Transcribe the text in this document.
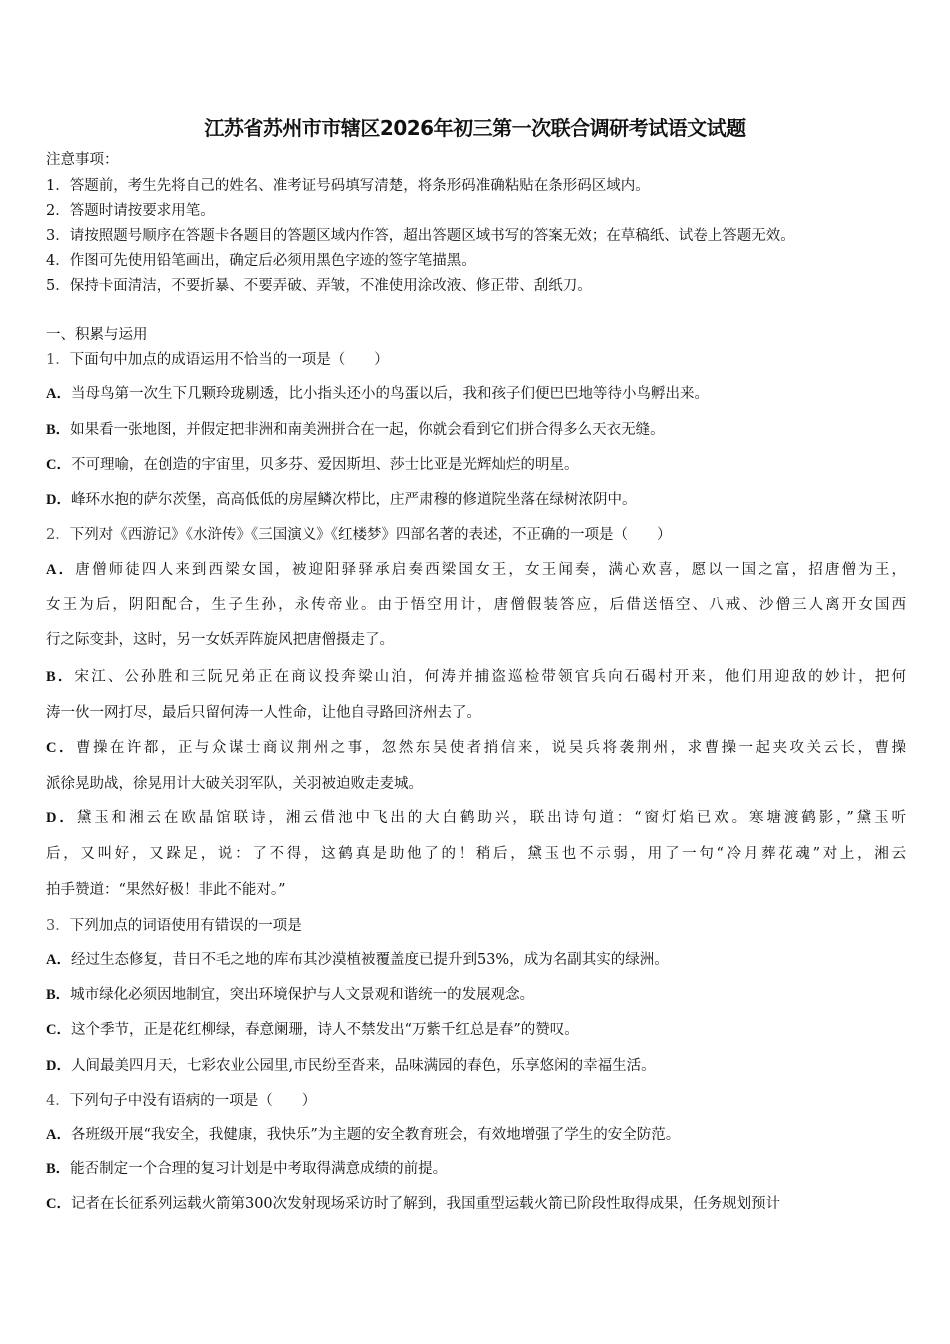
江苏省苏州市市辖区2026年初三第一次联合调研考试语文试题
注意事项：
1．答题前，考生先将自己的姓名、准考证号码填写清楚，将条形码准确粘贴在条形码区域内。
2．答题时请按要求用笔。
3．请按照题号顺序在答题卡各题目的答题区域内作答，超出答题区域书写的答案无效；在草稿纸、试卷上答题无效。
4．作图可先使用铅笔画出，确定后必须用黑色字迹的签字笔描黑。
5．保持卡面清洁，不要折暴、不要弄破、弄皱，不准使用涂改液、修正带、刮纸刀。
一、积累与运用
1．下面句中加点的成语运用不恰当的一项是（　　）
A．当母鸟第一次生下几颗玲珑剔透，比小指头还小的鸟蛋以后，我和孩子们便巴巴地等待小鸟孵出来。
B．如果看一张地图，并假定把非洲和南美洲拼合在一起，你就会看到它们拼合得多么天衣无缝。
C．不可理喻，在创造的宇宙里，贝多芬、爱因斯坦、莎士比亚是光辉灿烂的明星。
D．峰环水抱的萨尔茨堡，高高低低的房屋鳞次栉比，庄严肃穆的修道院坐落在绿树浓阴中。
2．下列对《西游记》《水浒传》《三国演义》《红楼梦》四部名著的表述，不正确的一项是（　　）
A．唐僧师徒四人来到西梁女国，被迎阳驿驿承启奏西梁国女王，女王闻奏，满心欢喜，愿以一国之富，招唐僧为王，
女王为后，阴阳配合，生子生孙，永传帝业。由于悟空用计，唐僧假装答应，后借送悟空、八戒、沙僧三人离开女国西
行之际变卦，这时，另一女妖弄阵旋风把唐僧摄走了。
B．宋江、公孙胜和三阮兄弟正在商议投奔梁山泊，何涛并捕盗巡检带领官兵向石碣村开来，他们用迎敌的妙计，把何
涛一伙一网打尽，最后只留何涛一人性命，让他自寻路回济州去了。
C．曹操在许都，正与众谋士商议荆州之事，忽然东吴使者捎信来，说吴兵将袭荆州，求曹操一起夹攻关云长，曹操
派徐晃助战，徐晃用计大破关羽军队，关羽被迫败走麦城。
D．黛玉和湘云在欧晶馆联诗，湘云借池中飞出的大白鹤助兴，联出诗句道：“窗灯焰已欢。寒塘渡鹤影，”黛玉听
后，又叫好，又跺足，说：了不得，这鹤真是助他了的！稍后，黛玉也不示弱，用了一句“冷月葬花魂”对上，湘云
拍手赞道：“果然好极！非此不能对。”
3．下列加点的词语使用有错误的一项是
A．经过生态修复，昔日不毛之地的库布其沙漠植被覆盖度已提升到53%，成为名副其实的绿洲。
B．城市绿化必须因地制宜，突出环境保护与人文景观和谐统一的发展观念。
C．这个季节，正是花红柳绿，春意阑珊，诗人不禁发出“万紫千红总是春”的赞叹。
D．人间最美四月天，七彩农业公园里,市民纷至沓来，品味满园的春色，乐享悠闲的幸福生活。
4．下列句子中没有语病的一项是（　　）
A．各班级开展“我安全，我健康，我快乐”为主题的安全教育班会，有效地增强了学生的安全防范。
B．能否制定一个合理的复习计划是中考取得满意成绩的前提。
C．记者在长征系列运载火箭第300次发射现场采访时了解到，我国重型运载火箭已阶段性取得成果，任务规划预计
